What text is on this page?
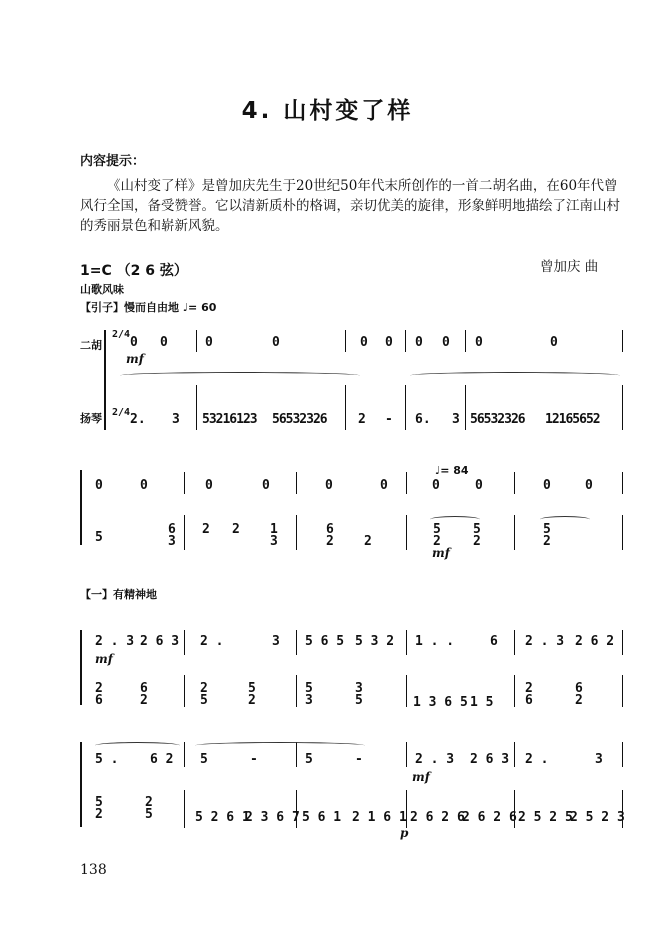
4. 山村变了样
内容提示：

《山村变了样》是曾加庆先生于20世纪50年代末所创作的一首二胡名曲，在60年代曾风行全国，备受赞誉。它以清新质朴的格调，亲切优美的旋律，形象鲜明地描绘了江南山村的秀丽景色和崭新风貌。

曾加庆 曲
1=C （2 6 弦）
山歌风味
【引子】慢而自由地 ♩= 60
二胡
扬琴
2/4
2/4
mf
0 0	0	0	0 0 0 0 0	0
2. 3 53216123 56532326 2 - 6. 3 56532326 12165652
♩= 84
0	0	0	0	0	0	0	0	0	0
5
6
3
2 2 1
3
6
2 2
5
2
5
2
5
2
mf
【一】有精神地
2 . 3 2 6 3 2 .	3 5 6 5 5 3 2 1 . .	6 2 . 3 2 6 2
mf
2 6
6 2
2 5
5 2
5 3
3 5	1 3 6 5 1 5
2 6
6 2
5 . 6 2 5	-	5	-	2 . 3 2 6 3 2 .	3
mf
5 2
2 5	5 2 6 1
2 3 6 7 5 6 1 2 1 6 1 2 6 2 6
2 6 2 6 2 5 2 5
2 5 2 3
p
138
